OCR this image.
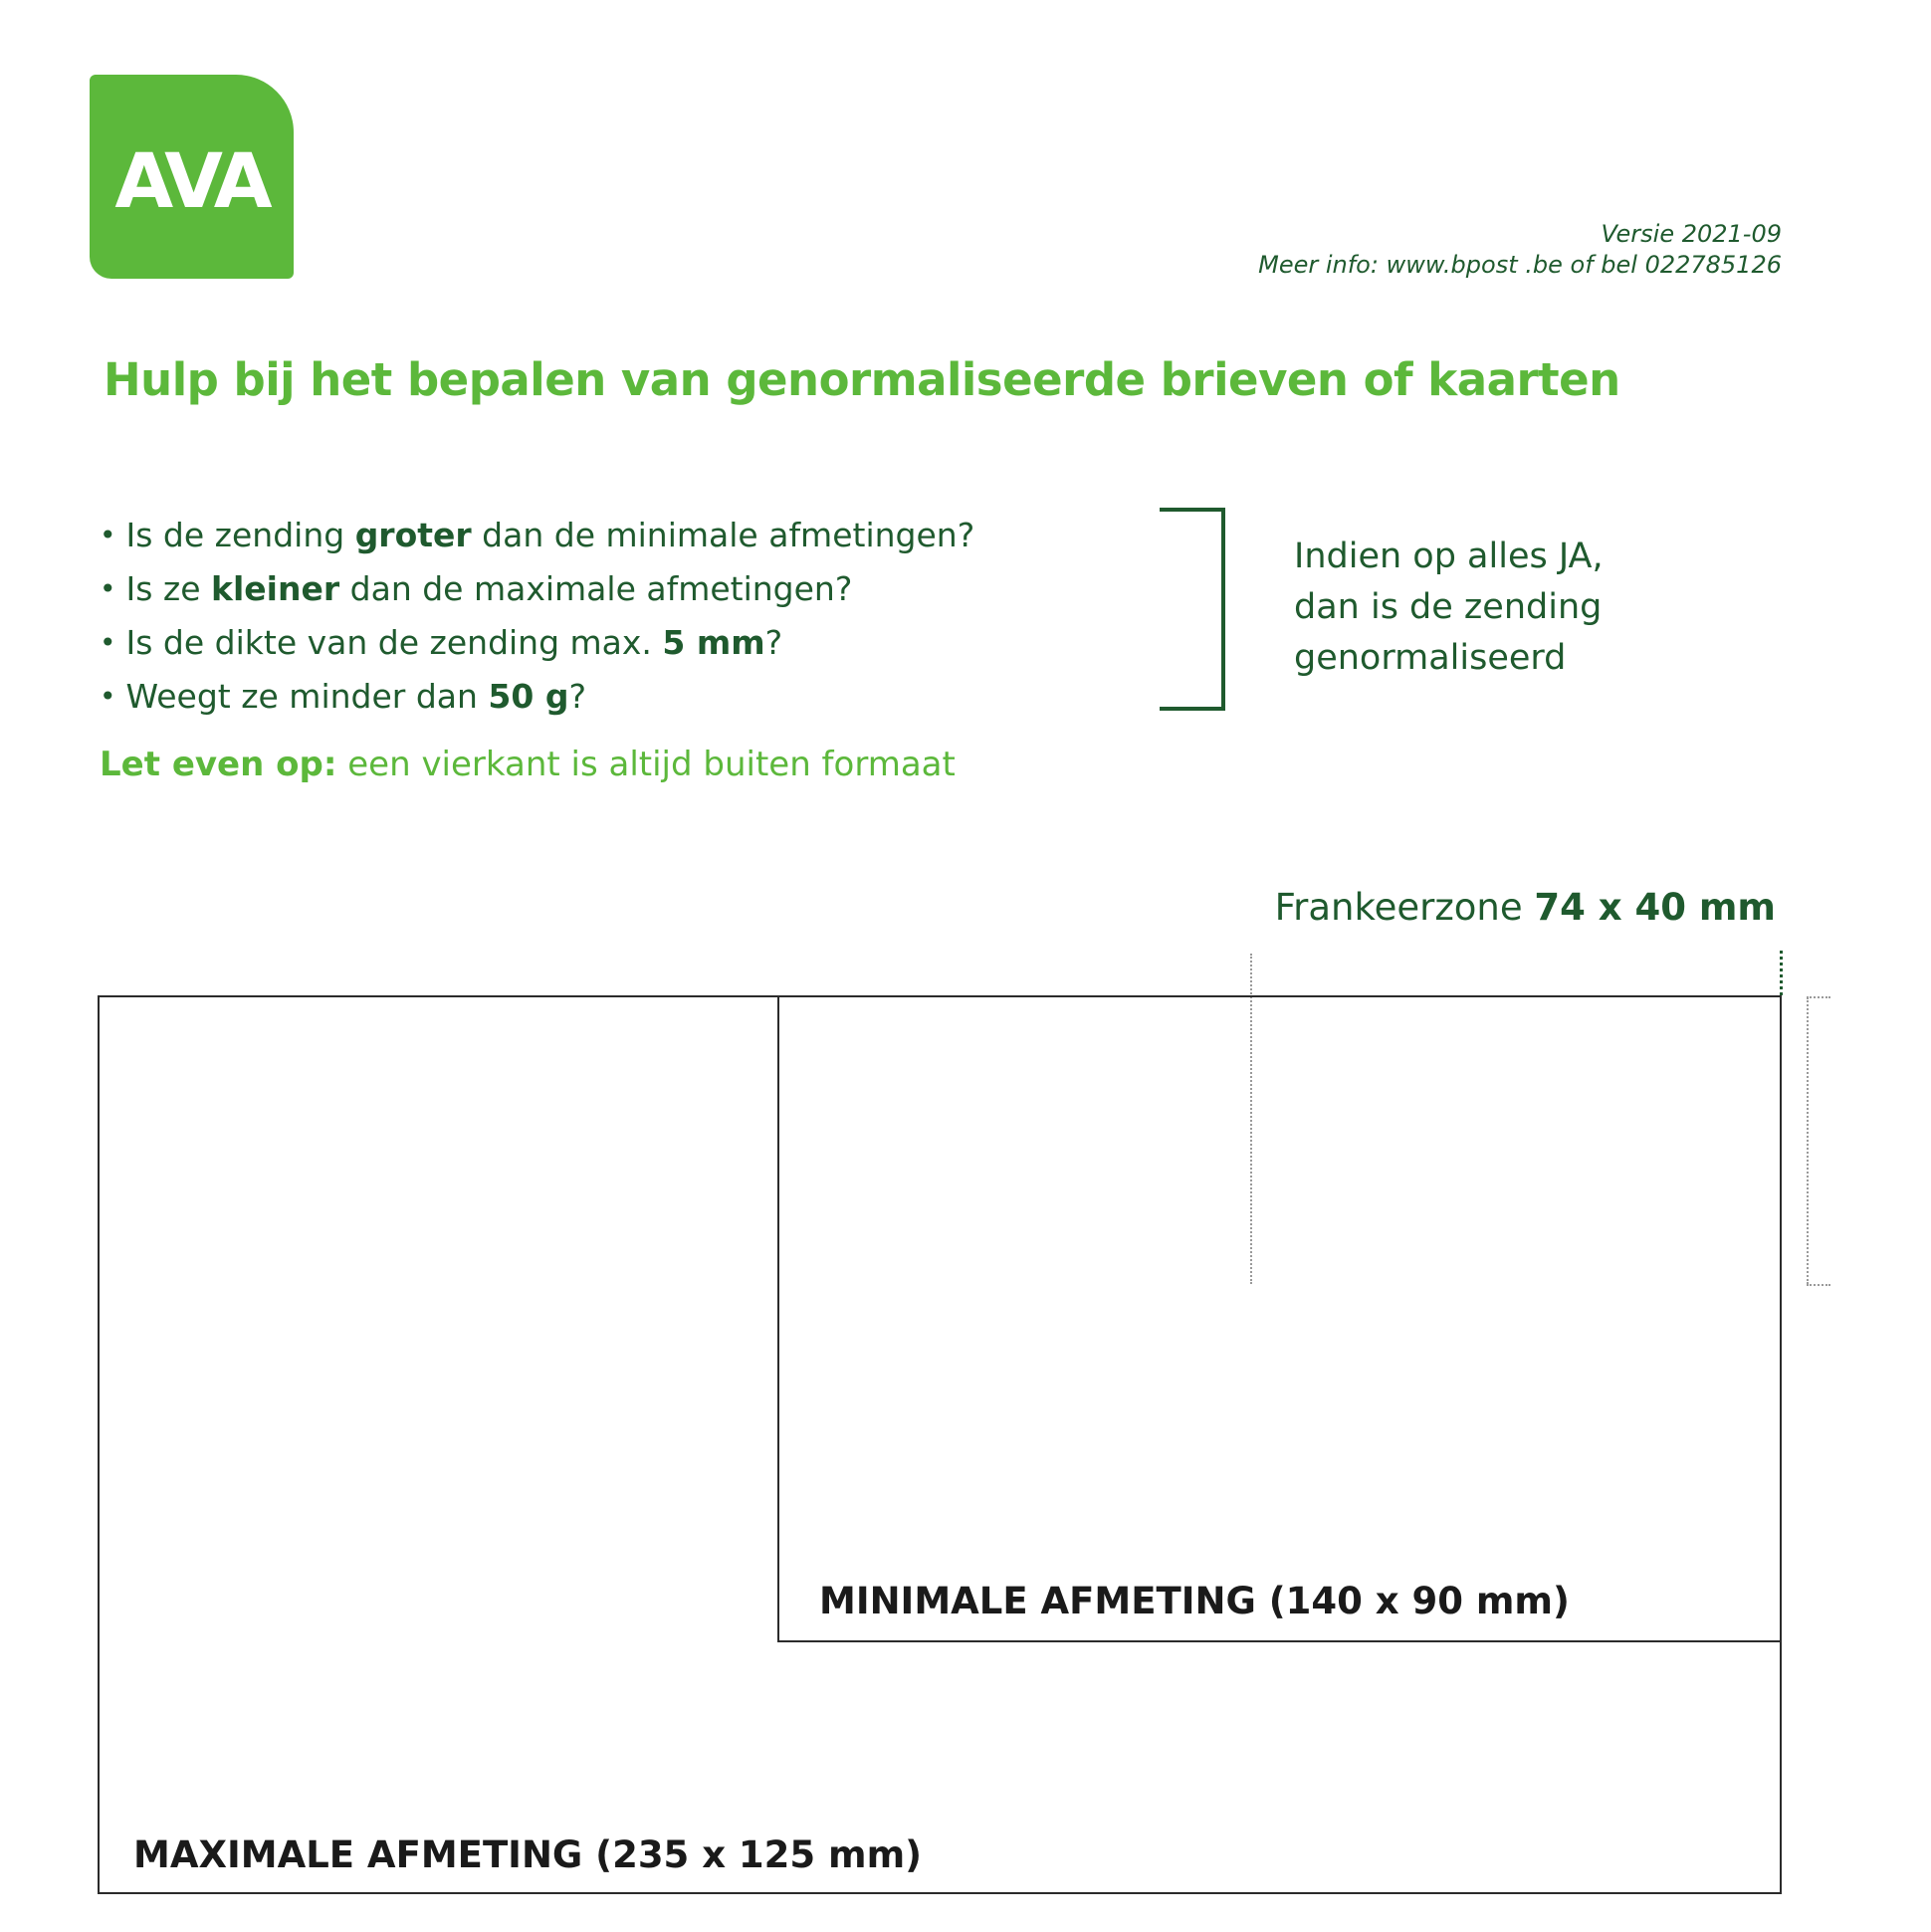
AVA
Versie 2021-09
Meer info: www.bpost .be of bel 022785126
Hulp bij het bepalen van genormaliseerde brieven of kaarten
• Is de zending groter dan de minimale afmetingen?
• Is ze kleiner dan de maximale afmetingen?
• Is de dikte van de zending max. 5 mm?
• Weegt ze minder dan 50 g?
Indien op alles JA,
dan is de zending
genormaliseerd
Let even op: een vierkant is altijd buiten formaat
Frankeerzone 74 x 40 mm
MAXIMALE AFMETING (235 x 125 mm)
MINIMALE AFMETING (140 x 90 mm)
